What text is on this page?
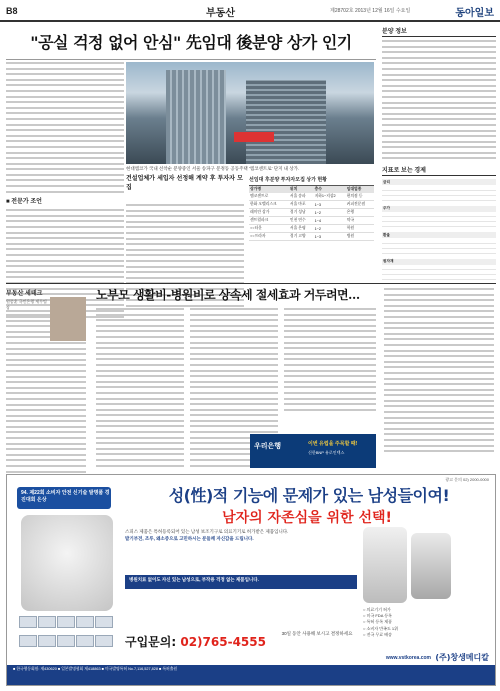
B8	부동산	제28702호 2013년 12월 16일 수요일	동아일보
"공실 걱정 없어 안심" 先임대 後분양 상가 인기
■ 전문가 조언
현대엠코가 국내 선착순 분양중인 서울 송파구 문정동 공동주택 '엠코센트로' 단지 내 상가.
건설업체가 세입자 선정해 계약 후 투자자 모집
선임대 후분양 투자자모집 상가 현황
상가명	위치	층수	임대업종
엠코센트로	서울 송파	지하1~지상2	편의점 등
한화 오벨리스크	서울 마포	1~3	커피전문점
래미안 상가	경기 성남	1~2	은행
센트럴파크	인천 연수	1~4	약국
○○타운	서울 은평	1~2	학원
○○프라자	경기 고양	1~3	병원
분양 정보
지표로 보는 경제
금리		

주가		

환율		

원자재		

부동산 세테크
원종훈 국민은행 세무팀장
노부모 생활비-병원비로 상속세 절세효과 거두려면…
우리은행	이번 유럽을 주목할 때!
신한BNP 유로인덱스
광고 문의 02) 2000-0000
94. 제22회 소비자 안전 신기술 발명품 경진대회 은상	성(性)적 기능에 문제가 있는 남성들이여!
남자의 자존심을 위한 선택!

스피스 제품은 특허등록되어 있는 남성 보조기구로 의료기기로 허가받은 제품입니다.
발기부전, 조루, 왜소증으로 고민하시는 분들께 자신감을 드립니다.
병원치료 없이도 자신 있는 남성으로, 부작용 걱정 없는 제품입니다.
구입문의: 02)765-4555
30일 동안 사용해 보시고 결정하세요
○ 의료기기 허가
○ 미국 FDA 등록
○ 특허 등록 제품
○ 소비자 만족도 1위
○ 전국 무료 배송
www.vstkorea.com (주)창생메디칼
■ 한국행동회원: 제430620 ■ 일본발명협회 제418863 ■ 미국발명특허 No.7,116,527,828 ■ 특허출원
